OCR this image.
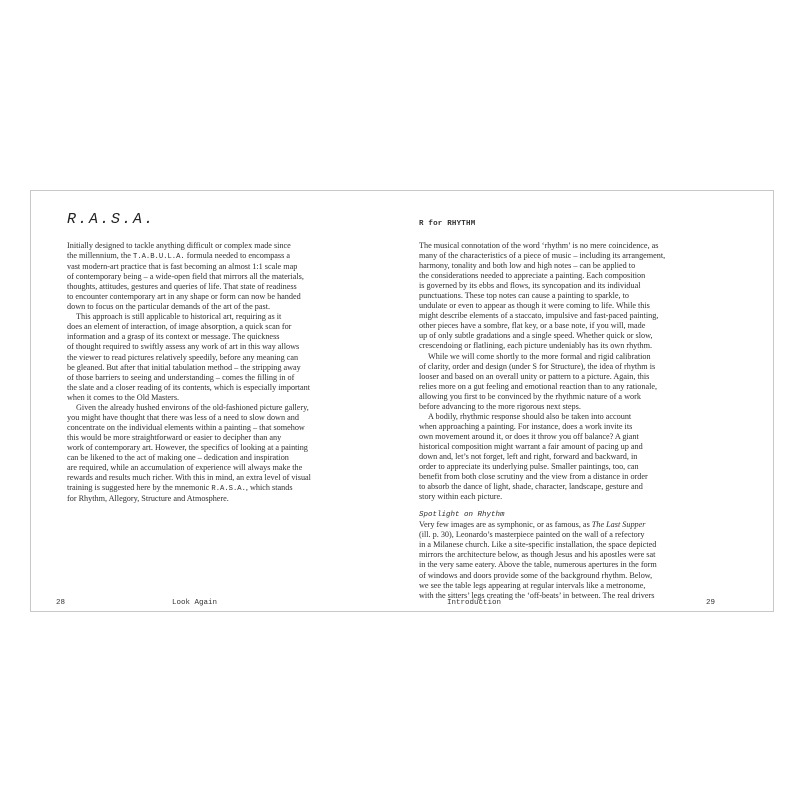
R.A.S.A.
Initially designed to tackle anything difficult or complex made since
the millennium, the T.A.B.U.L.A. formula needed to encompass a
vast modern-art practice that is fast becoming an almost 1:1 scale map
of contemporary being – a wide-open field that mirrors all the materials,
thoughts, attitudes, gestures and queries of life. That state of readiness
to encounter contemporary art in any shape or form can now be handed
down to focus on the particular demands of the art of the past.
This approach is still applicable to historical art, requiring as it
does an element of interaction, of image absorption, a quick scan for
information and a grasp of its context or message. The quickness
of thought required to swiftly assess any work of art in this way allows
the viewer to read pictures relatively speedily, before any meaning can
be gleaned. But after that initial tabulation method – the stripping away
of those barriers to seeing and understanding – comes the filling in of
the slate and a closer reading of its contents, which is especially important
when it comes to the Old Masters.
Given the already hushed environs of the old-fashioned picture gallery,
you might have thought that there was less of a need to slow down and
concentrate on the individual elements within a painting – that somehow
this would be more straightforward or easier to decipher than any
work of contemporary art. However, the specifics of looking at a painting
can be likened to the act of making one – dedication and inspiration
are required, while an accumulation of experience will always make the
rewards and results much richer. With this in mind, an extra level of visual
training is suggested here by the mnemonic R.A.S.A., which stands
for Rhythm, Allegory, Structure and Atmosphere.
28	Look Again
R for RHYTHM
The musical connotation of the word ‘rhythm’ is no mere coincidence, as
many of the characteristics of a piece of music – including its arrangement,
harmony, tonality and both low and high notes – can be applied to
the considerations needed to appreciate a painting. Each composition
is governed by its ebbs and flows, its syncopation and its individual
punctuations. These top notes can cause a painting to sparkle, to
undulate or even to appear as though it were coming to life. While this
might describe elements of a staccato, impulsive and fast-paced painting,
other pieces have a sombre, flat key, or a base note, if you will, made
up of only subtle gradations and a single speed. Whether quick or slow,
crescendoing or flatlining, each picture undeniably has its own rhythm.
While we will come shortly to the more formal and rigid calibration
of clarity, order and design (under S for Structure), the idea of rhythm is
looser and based on an overall unity or pattern to a picture. Again, this
relies more on a gut feeling and emotional reaction than to any rationale,
allowing you first to be convinced by the rhythmic nature of a work
before advancing to the more rigorous next steps.
A bodily, rhythmic response should also be taken into account
when approaching a painting. For instance, does a work invite its
own movement around it, or does it throw you off balance? A giant
historical composition might warrant a fair amount of pacing up and
down and, let’s not forget, left and right, forward and backward, in
order to appreciate its underlying pulse. Smaller paintings, too, can
benefit from both close scrutiny and the view from a distance in order
to absorb the dance of light, shade, character, landscape, gesture and
story within each picture.
Spotlight on Rhythm
Very few images are as symphonic, or as famous, as The Last Supper
(ill. p. 30), Leonardo’s masterpiece painted on the wall of a refectory
in a Milanese church. Like a site-specific installation, the space depicted
mirrors the architecture below, as though Jesus and his apostles were sat
in the very same eatery. Above the table, numerous apertures in the form
of windows and doors provide some of the background rhythm. Below,
we see the table legs appearing at regular intervals like a metronome,
with the sitters’ legs creating the ‘off-beats’ in between. The real drivers
Introduction	29
